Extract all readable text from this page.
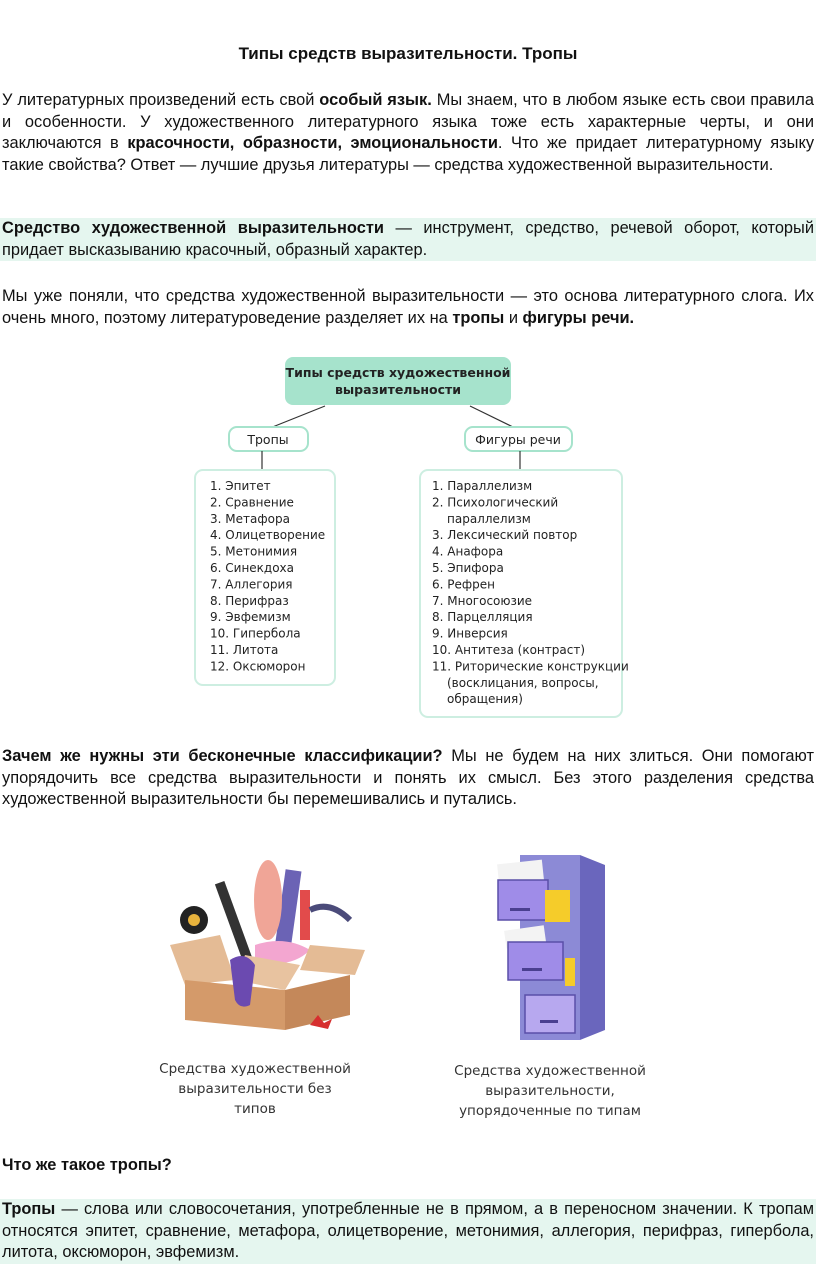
Типы средств выразительности. Тропы
У литературных произведений есть свой особый язык. Мы знаем, что в любом языке есть свои правила и особенности. У художественного литературного языка тоже есть характерные черты, и они заключаются в красочности, образности, эмоциональности. Что же придает литературному языку такие свойства? Ответ — лучшие друзья литературы — средства художественной выразительности.
Средство художественной выразительности — инструмент, средство, речевой оборот, который придает высказыванию красочный, образный характер.
Мы уже поняли, что средства художественной выразительности — это основа литературного слога. Их очень много, поэтому литературоведение разделяет их на тропы и фигуры речи.
Типы средств художественной
выразительности
Тропы	Фигуры речи
1. Эпитет
2. Сравнение
3. Метафора
4. Олицетворение
5. Метонимия
6. Синекдоха
7. Аллегория
8. Перифраз
9. Эвфемизм
10. Гипербола
11. Литота
12. Оксюморон
1. Параллелизм
2. Психологический
параллелизм
3. Лексический повтор
4. Анафора
5. Эпифора
6. Рефрен
7. Многосоюзие
8. Парцелляция
9. Инверсия
10. Антитеза (контраст)
11. Риторические конструкции
(восклицания, вопросы,
обращения)
Зачем же нужны эти бесконечные классификации? Мы не будем на них злиться. Они помогают упорядочить все средства выразительности и понять их смысл. Без этого разделения средства художественной выразительности бы перемешивались и путались.
Средства художественной
выразительности без
типов
Средства художественной
выразительности,
упорядоченные по типам
Что же такое тропы?
Тропы — слова или словосочетания, употребленные не в прямом, а в переносном значении. К тропам относятся эпитет, сравнение, метафора, олицетворение, метонимия, аллегория, перифраз, гипербола, литота, оксюморон, эвфемизм.
